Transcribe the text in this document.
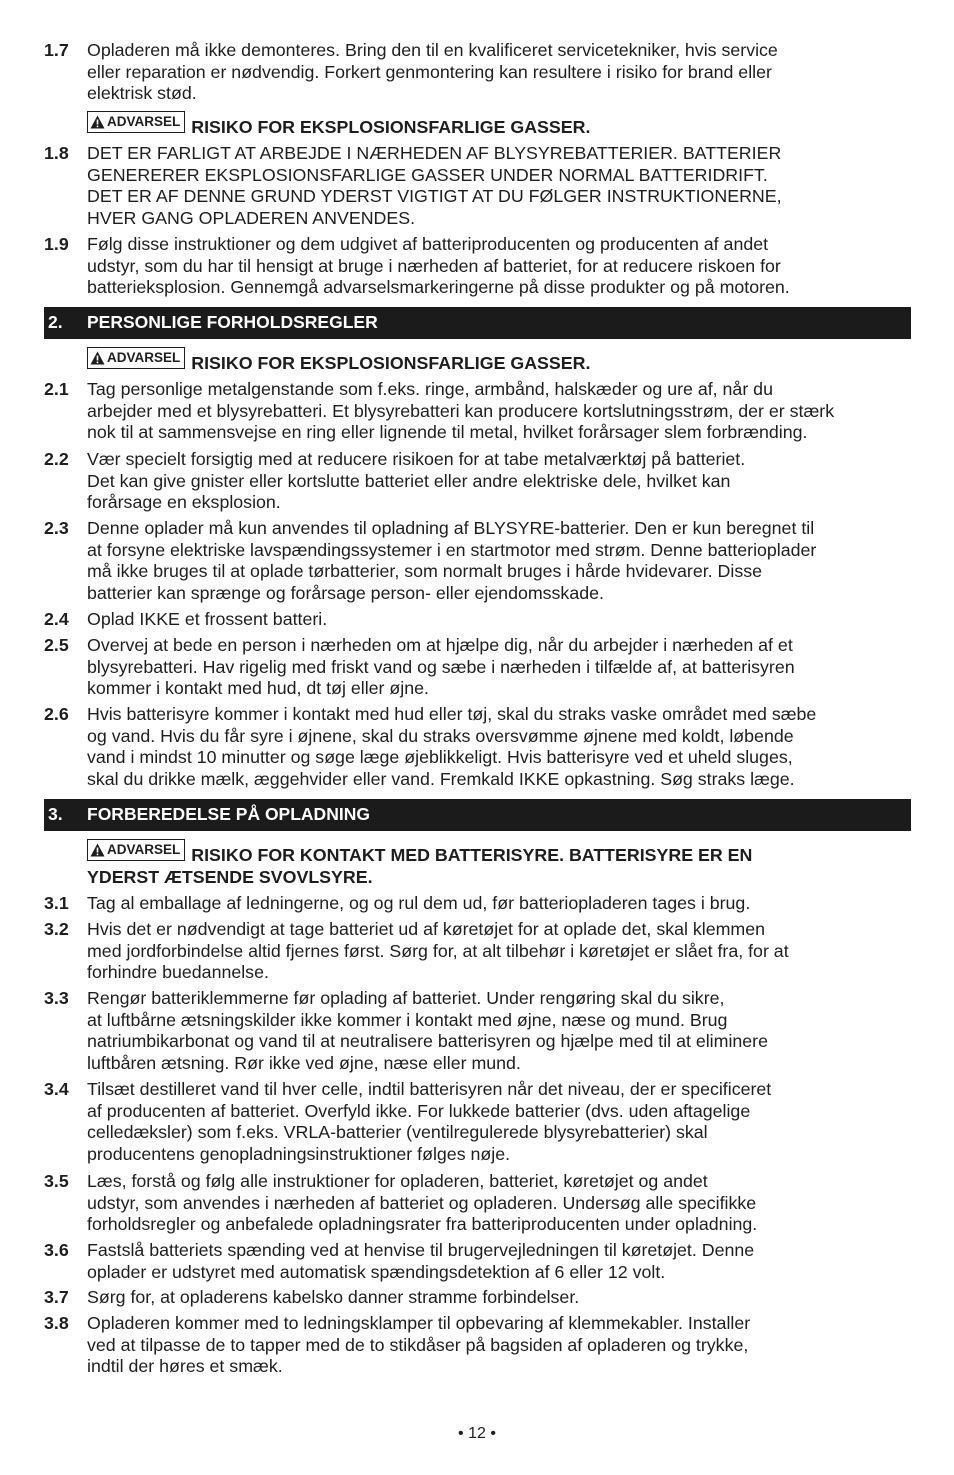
1.7	Opladeren må ikke demonteres. Bring den til en kvalificeret servicetekniker, hvis service
eller reparation er nødvendig. Forkert genmontering kan resultere i risiko for brand eller
elektrisk stød.
ADVARSEL RISIKO FOR EKSPLOSIONSFARLIGE GASSER.
1.8	DET ER FARLIGT AT ARBEJDE I NÆRHEDEN AF BLYSYREBATTERIER. BATTERIER
GENERERER EKSPLOSIONSFARLIGE GASSER UNDER NORMAL BATTERIDRIFT.
DET ER AF DENNE GRUND YDERST VIGTIGT AT DU FØLGER INSTRUKTIONERNE,
HVER GANG OPLADEREN ANVENDES.
1.9	Følg disse instruktioner og dem udgivet af batteriproducenten og producenten af andet
udstyr, som du har til hensigt at bruge i nærheden af batteriet, for at reducere riskoen for
batterieksplosion. Gennemgå advarselsmarkeringerne på disse produkter og på motoren.
2.	PERSONLIGE FORHOLDSREGLER
ADVARSEL RISIKO FOR EKSPLOSIONSFARLIGE GASSER.
2.1	Tag personlige metalgenstande som f.eks. ringe, armbånd, halskæder og ure af, når du
arbejder med et blysyrebatteri. Et blysyrebatteri kan producere kortslutningsstrøm, der er stærk
nok til at sammensvejse en ring eller lignende til metal, hvilket forårsager slem forbrænding.
2.2	Vær specielt forsigtig med at reducere risikoen for at tabe metalværktøj på batteriet.
Det kan give gnister eller kortslutte batteriet eller andre elektriske dele, hvilket kan
forårsage en eksplosion.
2.3	Denne oplader må kun anvendes til opladning af BLYSYRE-batterier. Den er kun beregnet til
at forsyne elektriske lavspændingssystemer i en startmotor med strøm. Denne batterioplader
må ikke bruges til at oplade tørbatterier, som normalt bruges i hårde hvidevarer. Disse
batterier kan sprænge og forårsage person- eller ejendomsskade.
2.4	Oplad IKKE et frossent batteri.
2.5	Overvej at bede en person i nærheden om at hjælpe dig, når du arbejder i nærheden af et
blysyrebatteri. Hav rigelig med friskt vand og sæbe i nærheden i tilfælde af, at batterisyren
kommer i kontakt med hud, dt tøj eller øjne.
2.6	Hvis batterisyre kommer i kontakt med hud eller tøj, skal du straks vaske området med sæbe
og vand. Hvis du får syre i øjnene, skal du straks oversvømme øjnene med koldt, løbende
vand i mindst 10 minutter og søge læge øjeblikkeligt. Hvis batterisyre ved et uheld sluges,
skal du drikke mælk, æggehvider eller vand. Fremkald IKKE opkastning. Søg straks læge.
3.	FORBEREDELSE PÅ OPLADNING
ADVARSEL RISIKO FOR KONTAKT MED BATTERISYRE. BATTERISYRE ER EN
YDERST ÆTSENDE SVOVLSYRE.
3.1	Tag al emballage af ledningerne, og og rul dem ud, før batteriopladeren tages i brug.
3.2	Hvis det er nødvendigt at tage batteriet ud af køretøjet for at oplade det, skal klemmen
med jordforbindelse altid fjernes først. Sørg for, at alt tilbehør i køretøjet er slået fra, for at
forhindre buedannelse.
3.3	Rengør batteriklemmerne før oplading af batteriet. Under rengøring skal du sikre,
at luftbårne ætsningskilder ikke kommer i kontakt med øjne, næse og mund. Brug
natriumbikarbonat og vand til at neutralisere batterisyren og hjælpe med til at eliminere
luftbåren ætsning. Rør ikke ved øjne, næse eller mund.
3.4	Tilsæt destilleret vand til hver celle, indtil batterisyren når det niveau, der er specificeret
af producenten af batteriet. Overfyld ikke. For lukkede batterier (dvs. uden aftagelige
celledæksler) som f.eks. VRLA-batterier (ventilregulerede blysyrebatterier) skal
producentens genopladningsinstruktioner følges nøje.
3.5	Læs, forstå og følg alle instruktioner for opladeren, batteriet, køretøjet og andet
udstyr, som anvendes i nærheden af batteriet og opladeren. Undersøg alle specifikke
forholdsregler og anbefalede opladningsrater fra batteriproducenten under opladning.
3.6	Fastslå batteriets spænding ved at henvise til brugervejledningen til køretøjet. Denne
oplader er udstyret med automatisk spændingsdetektion af 6 eller 12 volt.
3.7	Sørg for, at opladerens kabelsko danner stramme forbindelser.
3.8	Opladeren kommer med to ledningsklamper til opbevaring af klemmekabler. Installer
ved at tilpasse de to tapper med de to stikdåser på bagsiden af opladeren og trykke,
indtil der høres et smæk.
• 12 •
